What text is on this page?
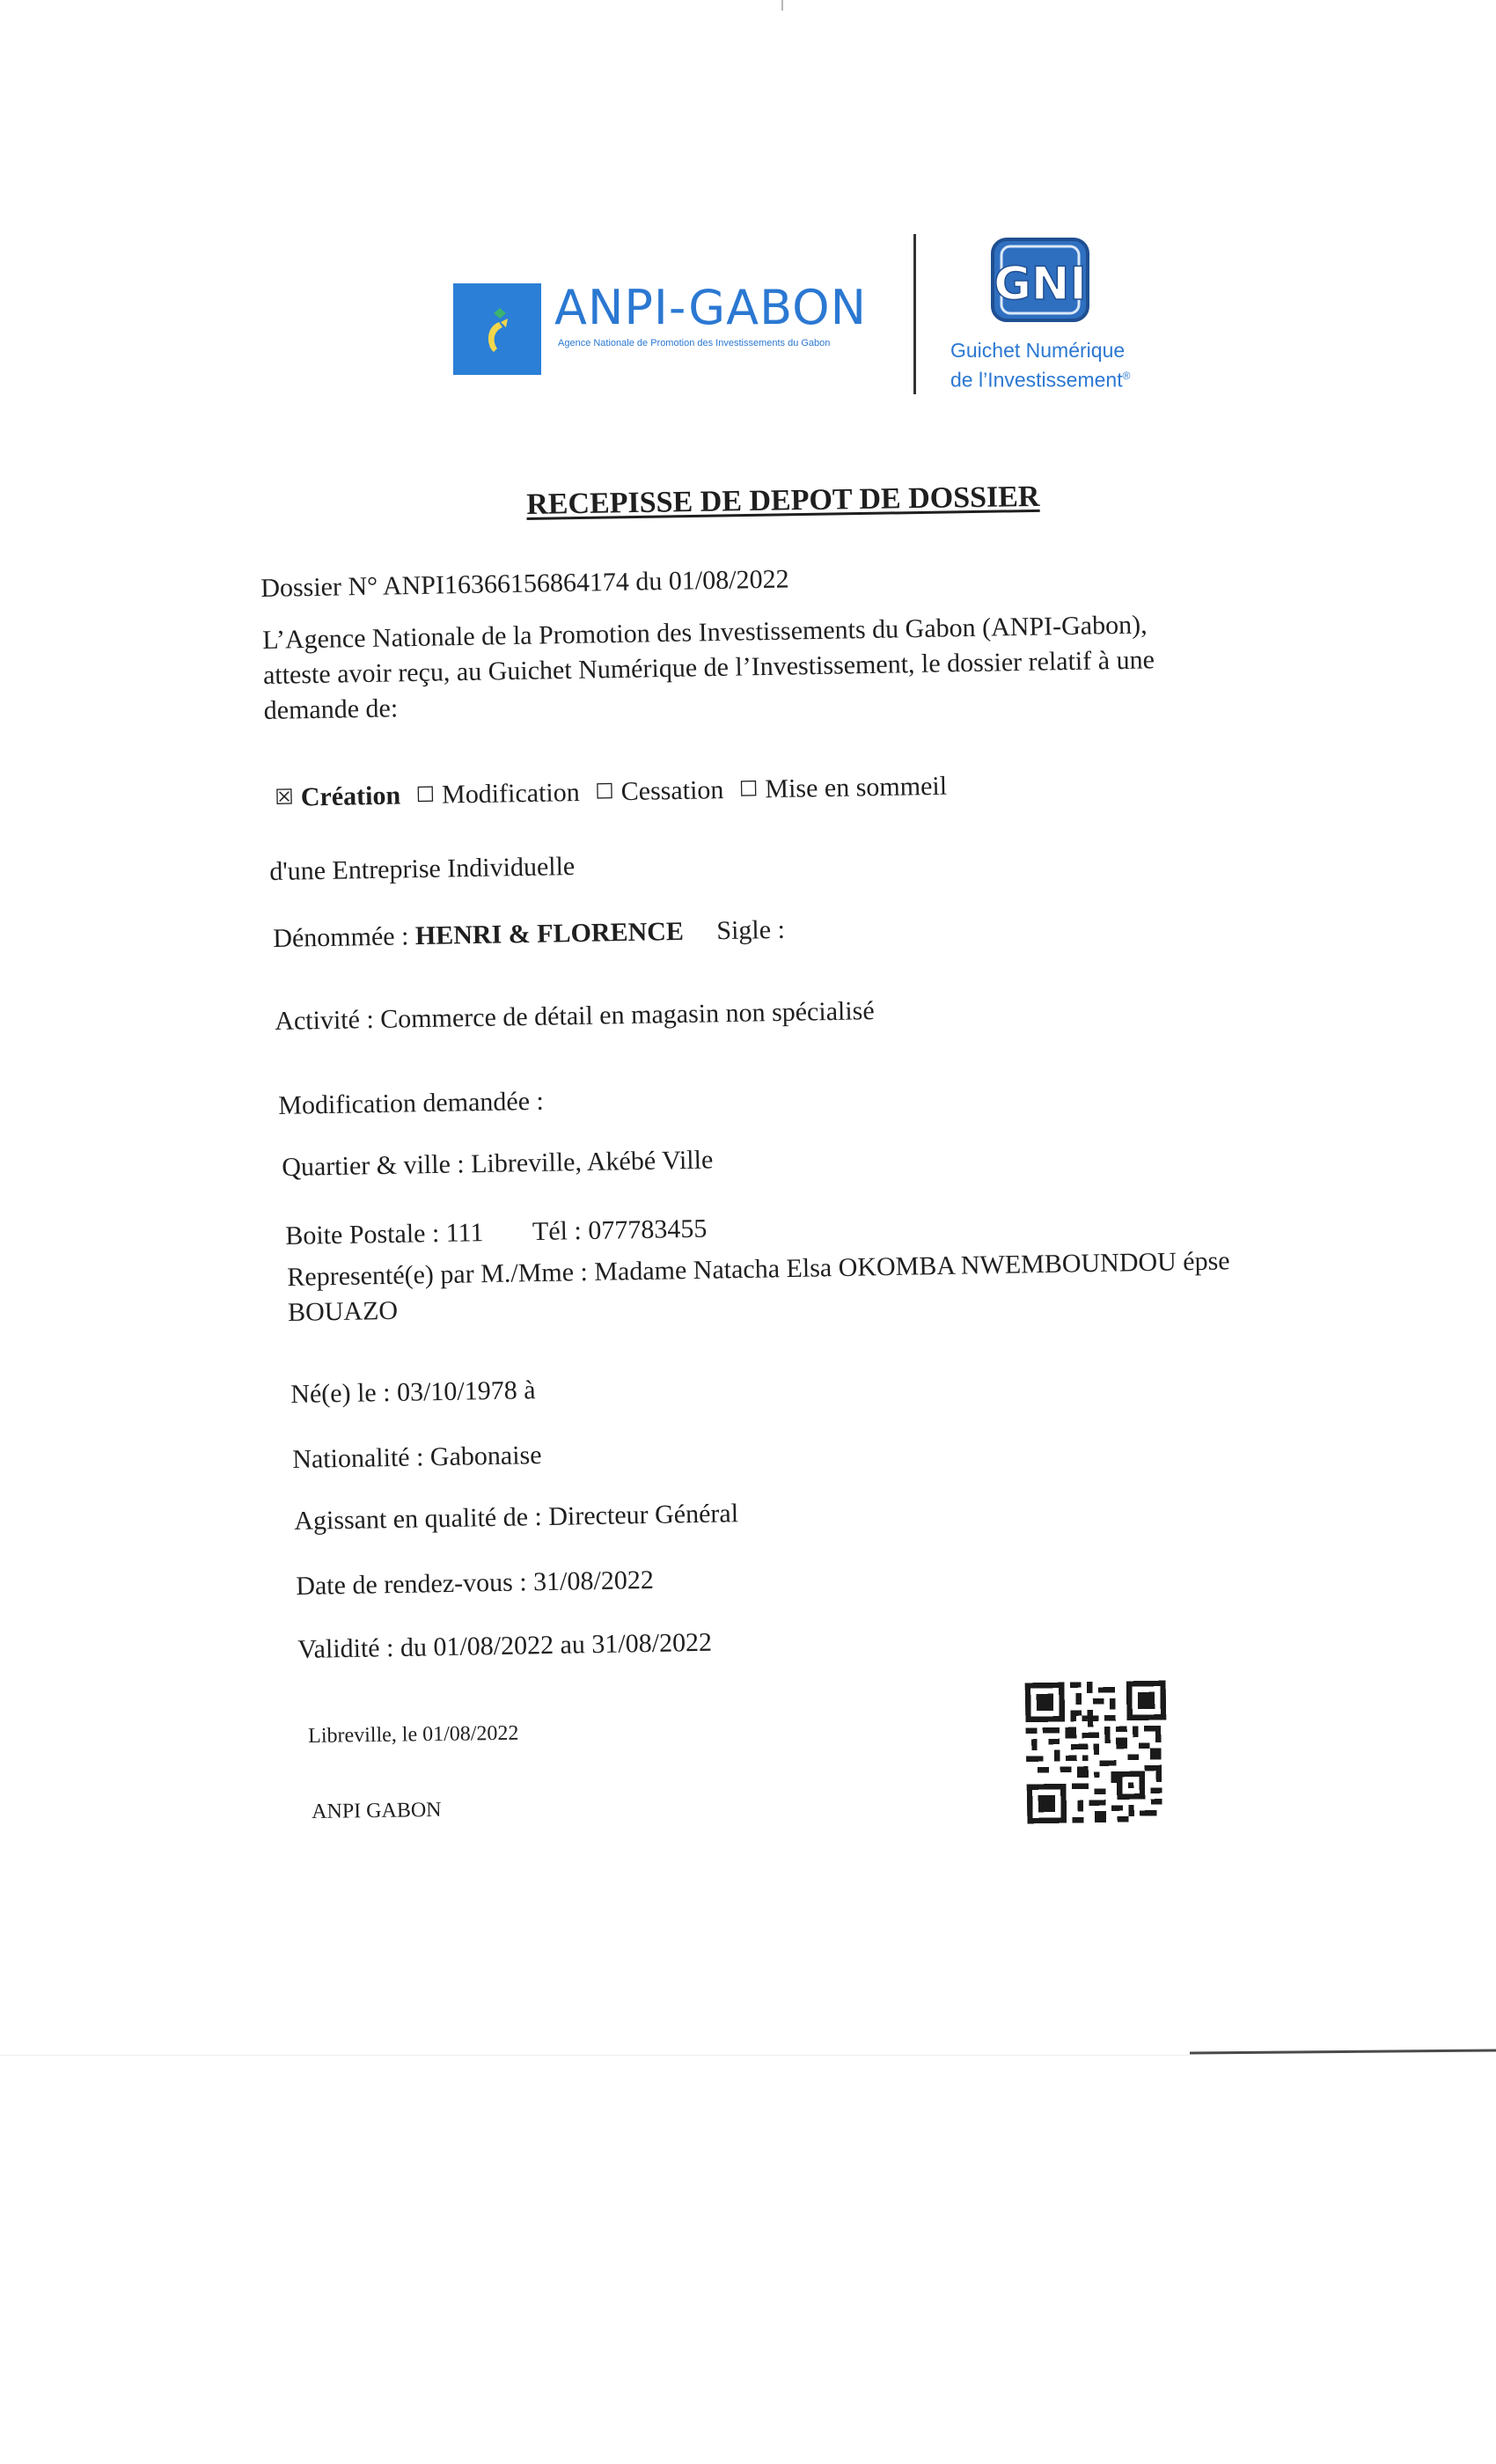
ANPI-GABON
Agence Nationale de Promotion des Investissements du Gabon
GNI
Guichet Numérique
de l’Investissement®
RECEPISSE DE DEPOT DE DOSSIER
Dossier N° ANPI16366156864174 du 01/08/2022
L’Agence Nationale de la Promotion des Investissements du Gabon (ANPI-Gabon),
atteste avoir reçu, au Guichet Numérique de l’Investissement, le dossier relatif à une
demande de:
☒ Création ☐ Modification ☐ Cessation ☐ Mise en sommeil
d'une Entreprise Individuelle
Dénommée : HENRI & FLORENCE Sigle :
Activité : Commerce de détail en magasin non spécialisé
Modification demandée :
Quartier & ville : Libreville, Akébé Ville
Boite Postale : 111 Tél : 077783455
Representé(e) par M./Mme : Madame Natacha Elsa OKOMBA NWEMBOUNDOU épse
BOUAZO
Né(e) le : 03/10/1978 à
Nationalité : Gabonaise
Agissant en qualité de : Directeur Général
Date de rendez-vous : 31/08/2022
Validité : du 01/08/2022 au 31/08/2022
Libreville, le 01/08/2022
ANPI GABON
